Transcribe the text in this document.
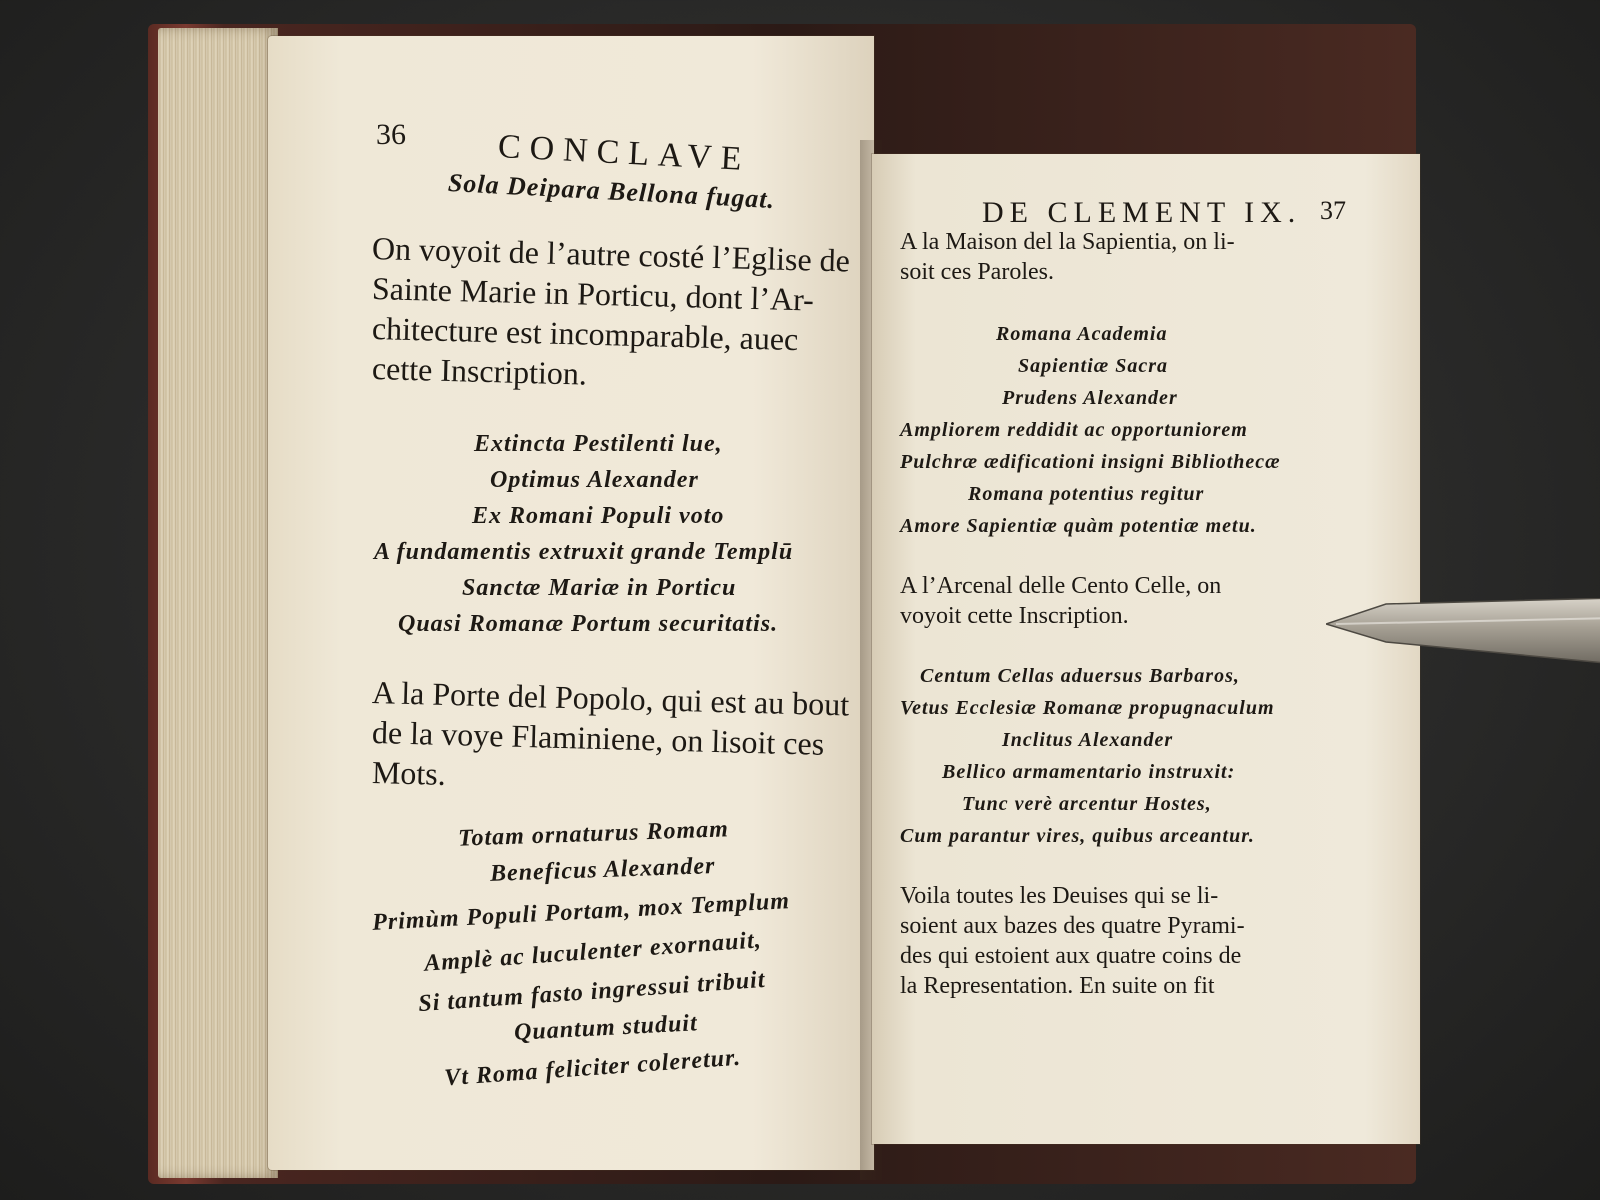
36	CONCLAVE
Sola Deipara Bellona fugat.
On voyoit de l’autre costé l’Eglise de
Sainte Marie in Porticu, dont l’Ar-
chitecture est incomparable, auec
cette Inscription.
Extincta Pestilenti lue,
Optimus Alexander
Ex Romani Populi voto
A fundamentis extruxit grande Templū
Sanctæ Mariæ in Porticu
Quasi Romanæ Portum securitatis.
A la Porte del Popolo, qui est au bout
de la voye Flaminiene, on lisoit ces
Mots.
Totam ornaturus Romam
Beneficus Alexander
Primùm Populi Portam, mox Templum
Amplè ac luculenter exornauit,
Si tantum fasto ingressui tribuit
Quantum studuit
Vt Roma feliciter coleretur.
DE CLEMENT IX. 37
A la Maison del la Sapientia, on li-
soit ces Paroles.
Romana Academia
Sapientiæ Sacra
Prudens Alexander
Ampliorem reddidit ac opportuniorem
Pulchræ ædificationi insigni Bibliothecæ
Romana potentius regitur
Amore Sapientiæ quàm potentiæ metu.
A l’Arcenal delle Cento Celle, on
voyoit cette Inscription.
Centum Cellas aduersus Barbaros,
Vetus Ecclesiæ Romanæ propugnaculum
Inclitus Alexander
Bellico armamentario instruxit:
Tunc verè arcentur Hostes,
Cum parantur vires, quibus arceantur.
Voila toutes les Deuises qui se li-
soient aux bazes des quatre Pyrami-
des qui estoient aux quatre coins de
la Representation. En suite on fit
